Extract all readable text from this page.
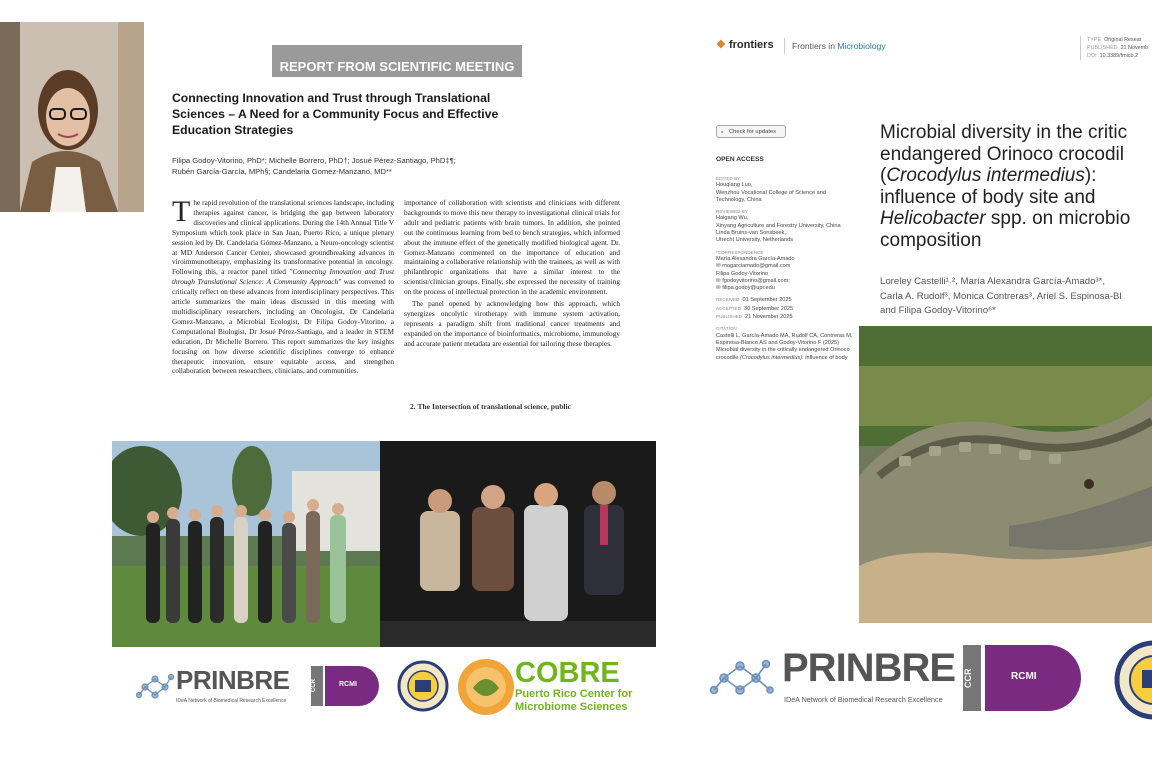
REPORT FROM SCIENTIFIC MEETING
Connecting Innovation and Trust through Translational Sciences – A Need for a Community Focus and Effective Education Strategies
Filipa Godoy-Vitorino, PhD*; Michelle Borrero, PhD†; Josué Pérez-Santiago, PhD‡¶;
Rubén García-García, MPh§; Candelaria Gomez-Manzano, MD**
The rapid revolution of the translational sciences landscape, including therapies against cancer, is bridging the gap between laboratory discoveries and clinical applications. During the 14th Annual Title V Symposium which took place in San Juan, Puerto Rico, a unique plenary session led by Dr. Candelaria Gómez-Manzano, a Neuro-oncology scientist at MD Anderson Cancer Center, showcased groundbreaking advances in viroimmunotherapy, emphasizing its transformative potential in oncology. Following this, a reactor panel titled "Connecting Innovation and Trust through Translational Science: A Community Approach" was convened to critically reflect on these advances from interdisciplinary perspectives. This article summarizes the main ideas discussed in this meeting with multidisciplinary researchers, including an Oncologist, Dr Candelaria Gomez-Manzano, a Microbial Ecologist, Dr Filipa Godoy-Vitorino, a Computational Biologist, Dr Josué Pérez-Santiago, and a leader in STEM education, Dr Michelle Borrero. This report summarizes the key insights focusing on how diverse scientific disciplines converge to enhance therapeutic innovation, ensure equitable access, and strengthen collaboration between researchers, clinicians, and communities.

importance of collaboration with scientists and clinicians with different backgrounds to move this new therapy to investigational clinical trials for adult and pediatric patients with brain tumors. In addition, she pointed out the continuous learning from bed to bench strategies, which informed about the immune effect of the genetically modified biological agent. Dr. Gomez-Manzano commented on the importance of education and maintaining a collaborative relationship with the trainees, as well as with philanthropic organizations that have a similar interest to the scientist/clinician groups. Finally, she expressed the necessity of training on the process of intellectual protection in the academic environment.

The panel opened by acknowledging how this approach, which synergizes oncolytic virotherapy with immune system activation, represents a paradigm shift from traditional cancer treatments and expanded on the importance of bioinformatics, microbiome, immunology and accurate patient metadata are essential for tailoring these therapies.

2. The Intersection of translational science, public
PRINBRE
IDeA Network of Biomedical Research Excellence
CCR	RCMI	COBRE
Puerto Rico Center for
Microbiome Sciences
❖ frontiers Frontiers in Microbiology
TYPE Original Resear
PUBLISHED 21 Novemb
DOI 10.3389/fmicb.2
◔ Check for updates
OPEN ACCESS
EDITED BY
Houqiang Luo,
Wenzhou Vocational College of Science and Technology, China
REVIEWED BY
Haigang Wu,
Xinyang Agriculture and Forestry University, China
Linda Bruins-van Sonsbeek,
Utrecht University, Netherlands
*CORRESPONDENCE
María Alexandra García-Amado
✉ magarciamado@gmail.com
Filipa Godoy-Vitorino
✉ fgodoyvitorino@gmail.com;
✉ filipa.godoy@upr.edu
RECEIVED 01 September 2025
ACCEPTED 30 September 2025
PUBLISHED 21 November 2025
CITATION
Castelli L, García-Amado MA, Rudolf CA, Contreras M, Espinosa-Blanco AS and Godoy-Vitorino F (2025) Microbial diversity in the critically endangered Orinoco crocodile (Crocodylus intermedius): influence of body
Microbial diversity in the critic
endangered Orinoco crocodil
(Crocodylus intermedius):
influence of body site and
Helicobacter spp. on microbio
composition
Loreley Castelli¹˒², María Alexandra García-Amado³*,
Carla A. Rudolf³, Monica Contreras³, Ariel S. Espinosa-Bl
and Filipa Godoy-Vitorino⁶*
PRINBRE
IDeA Network of Biomedical Research Excellence
CCR	RCMI
